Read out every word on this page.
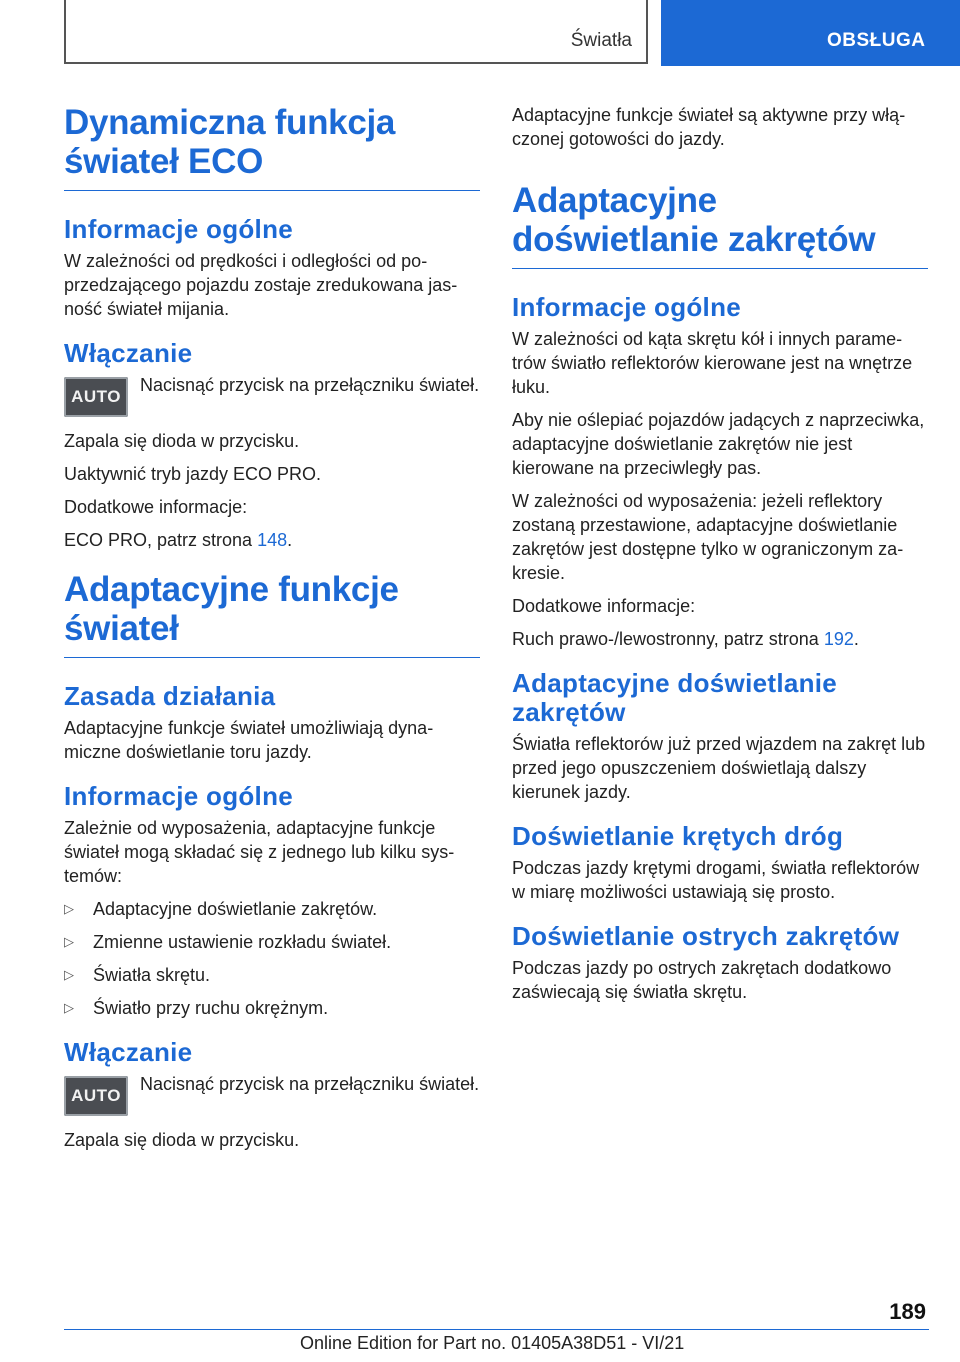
Światła	OBSŁUGA
Dynamiczna funkcja świateł ECO
Informacje ogólne

W zależności od prędkości i odległości od poprzedzającego pojazdu zostaje zredukowana jasność świateł mijania.

Włączanie
AUTO

Nacisnąć przycisk na przełączniku świateł.

Zapala się dioda w przycisku.

Uaktywnić tryb jazdy ECO PRO.

Dodatkowe informacje:

ECO PRO, patrz strona 148.

Adaptacyjne funkcje świateł
Zasada działania

Adaptacyjne funkcje świateł umożliwiają dynamiczne doświetlanie toru jazdy.

Informacje ogólne

Zależnie od wyposażenia, adaptacyjne funkcje świateł mogą składać się z jednego lub kilku systemów:

▷ Adaptacyjne doświetlanie zakrętów.
▷ Zmienne ustawienie rozkładu świateł.
▷ Światła skrętu.
▷ Światło przy ruchu okrężnym.
Włączanie
AUTO

Nacisnąć przycisk na przełączniku świateł.

Zapala się dioda w przycisku.

Adaptacyjne funkcje świateł są aktywne przy włączonej gotowości do jazdy.

Adaptacyjne doświetlanie zakrętów
Informacje ogólne

W zależności od kąta skrętu kół i innych parametrów światło reflektorów kierowane jest na wnętrze łuku.

Aby nie oślepiać pojazdów jadących z naprzeciwka, adaptacyjne doświetlanie zakrętów nie jest kierowane na przeciwległy pas.

W zależności od wyposażenia: jeżeli reflektory zostaną przestawione, adaptacyjne doświetlanie zakrętów jest dostępne tylko w ograniczonym zakresie.

Dodatkowe informacje:

Ruch prawo-/lewostronny, patrz strona 192.

Adaptacyjne doświetlanie zakrętów

Światła reflektorów już przed wjazdem na zakręt lub przed jego opuszczeniem doświetlają dalszy kierunek jazdy.

Doświetlanie krętych dróg

Podczas jazdy krętymi drogami, światła reflektorów w miarę możliwości ustawiają się prosto.

Doświetlanie ostrych zakrętów

Podczas jazdy po ostrych zakrętach dodatkowo zaświecają się światła skrętu.

189
Online Edition for Part no. 01405A38D51 - VI/21
